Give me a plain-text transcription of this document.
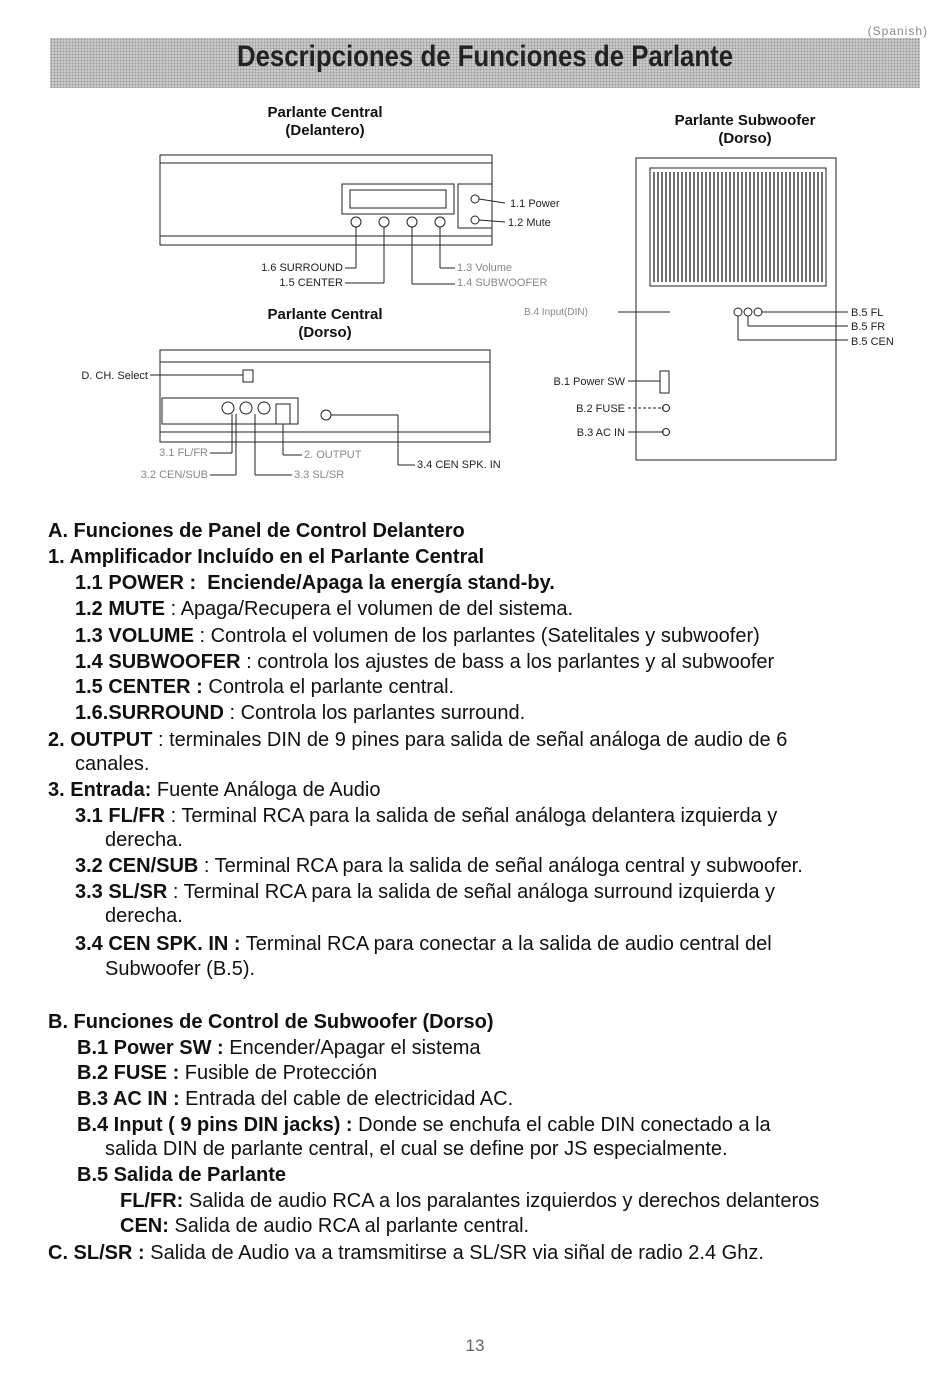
(Spanish)
Descripciones de Funciones de Parlante
Parlante Central
(Delantero)
Parlante Central
(Dorso)
Parlante Subwoofer
(Dorso)
1.1 Power
1.2 Mute
1.6 SURROUND
1.5 CENTER
1.3 Volume
1.4 SUBWOOFER
D. CH. Select
3.1 FL/FR
3.2 CEN/SUB
2. OUTPUT
3.3 SL/SR
3.4 CEN SPK. IN
B.4 Input(DIN)	B.5 FL
B.5 FR
B.5 CEN
B.1 Power SW
B.2 FUSE
B.3 AC IN
A. Funciones de Panel de Control Delantero
1. Amplificador Incluído en el Parlante Central
1.1 POWER : Enciende/Apaga la energía stand-by.
1.2 MUTE : Apaga/Recupera el volumen de del sistema.
1.3 VOLUME : Controla el volumen de los parlantes (Satelitales y subwoofer)
1.4 SUBWOOFER : controla los ajustes de bass a los parlantes y al subwoofer
1.5 CENTER : Controla el parlante central.
1.6.SURROUND : Controla los parlantes surround.
2. OUTPUT : terminales DIN de 9 pines para salida de señal análoga de audio de 6
canales.
3. Entrada: Fuente Análoga de Audio
3.1 FL/FR : Terminal RCA para la salida de señal análoga delantera izquierda y
derecha.
3.2 CEN/SUB : Terminal RCA para la salida de señal análoga central y subwoofer.
3.3 SL/SR : Terminal RCA para la salida de señal análoga surround izquierda y
derecha.
3.4 CEN SPK. IN : Terminal RCA para conectar a la salida de audio central del
Subwoofer (B.5).
B. Funciones de Control de Subwoofer (Dorso)
B.1 Power SW : Encender/Apagar el sistema
B.2 FUSE : Fusible de Protección
B.3 AC IN : Entrada del cable de electricidad AC.
B.4 Input ( 9 pins DIN jacks) : Donde se enchufa el cable DIN conectado a la
salida DIN de parlante central, el cual se define por JS especialmente.
B.5 Salida de Parlante
FL/FR: Salida de audio RCA a los paralantes izquierdos y derechos delanteros
CEN: Salida de audio RCA al parlante central.
C. SL/SR : Salida de Audio va a tramsmitirse a SL/SR via siñal de radio 2.4 Ghz.
13
